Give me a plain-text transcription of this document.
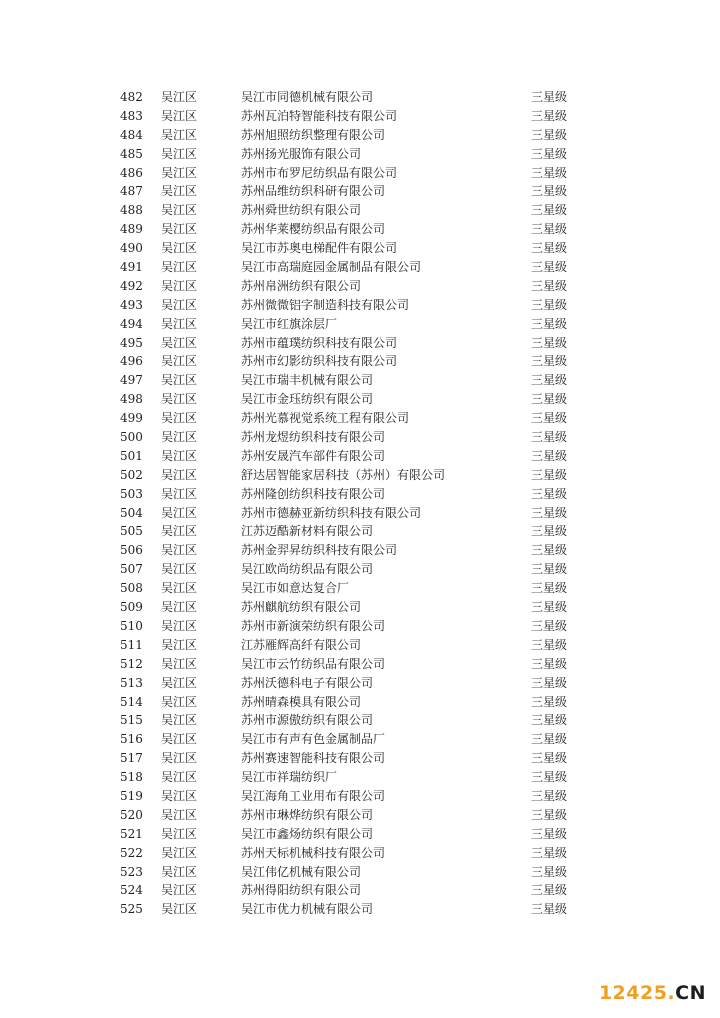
482	吴江区	吴江市同德机械有限公司	三星级
483	吴江区	苏州瓦泊特智能科技有限公司	三星级
484	吴江区	苏州旭照纺织整理有限公司	三星级
485	吴江区	苏州扬光服饰有限公司	三星级
486	吴江区	苏州市布罗尼纺织品有限公司	三星级
487	吴江区	苏州品维纺织科研有限公司	三星级
488	吴江区	苏州舜世纺织有限公司	三星级
489	吴江区	苏州华莱樱纺织品有限公司	三星级
490	吴江区	吴江市苏奥电梯配件有限公司	三星级
491	吴江区	吴江市高瑞庭园金属制品有限公司	三星级
492	吴江区	苏州帛洲纺织有限公司	三星级
493	吴江区	苏州微微铝字制造科技有限公司	三星级
494	吴江区	吴江市红旗涂层厂	三星级
495	吴江区	苏州市蕴璞纺织科技有限公司	三星级
496	吴江区	苏州市幻影纺织科技有限公司	三星级
497	吴江区	吴江市瑞丰机械有限公司	三星级
498	吴江区	吴江市金珏纺织有限公司	三星级
499	吴江区	苏州光慕视觉系统工程有限公司	三星级
500	吴江区	苏州龙煜纺织科技有限公司	三星级
501	吴江区	苏州安晟汽车部件有限公司	三星级
502	吴江区	舒达居智能家居科技（苏州）有限公司	三星级
503	吴江区	苏州隆创纺织科技有限公司	三星级
504	吴江区	苏州市德赫亚新纺织科技有限公司	三星级
505	吴江区	江苏迈酷新材料有限公司	三星级
506	吴江区	苏州金羿昇纺织科技有限公司	三星级
507	吴江区	吴江欧尚纺织品有限公司	三星级
508	吴江区	吴江市如意达复合厂	三星级
509	吴江区	苏州麒航纺织有限公司	三星级
510	吴江区	苏州市新演荣纺织有限公司	三星级
511	吴江区	江苏雁辉高纤有限公司	三星级
512	吴江区	吴江市云竹纺织品有限公司	三星级
513	吴江区	苏州沃德科电子有限公司	三星级
514	吴江区	苏州晴森模具有限公司	三星级
515	吴江区	苏州市源傲纺织有限公司	三星级
516	吴江区	吴江市有声有色金属制品厂	三星级
517	吴江区	苏州赛速智能科技有限公司	三星级
518	吴江区	吴江市祥瑞纺织厂	三星级
519	吴江区	吴江海角工业用布有限公司	三星级
520	吴江区	苏州市琳烨纺织有限公司	三星级
521	吴江区	吴江市鑫炀纺织有限公司	三星级
522	吴江区	苏州天标机械科技有限公司	三星级
523	吴江区	吴江伟亿机械有限公司	三星级
524	吴江区	苏州得阳纺织有限公司	三星级
525	吴江区	吴江市优力机械有限公司	三星级
12425.CN
